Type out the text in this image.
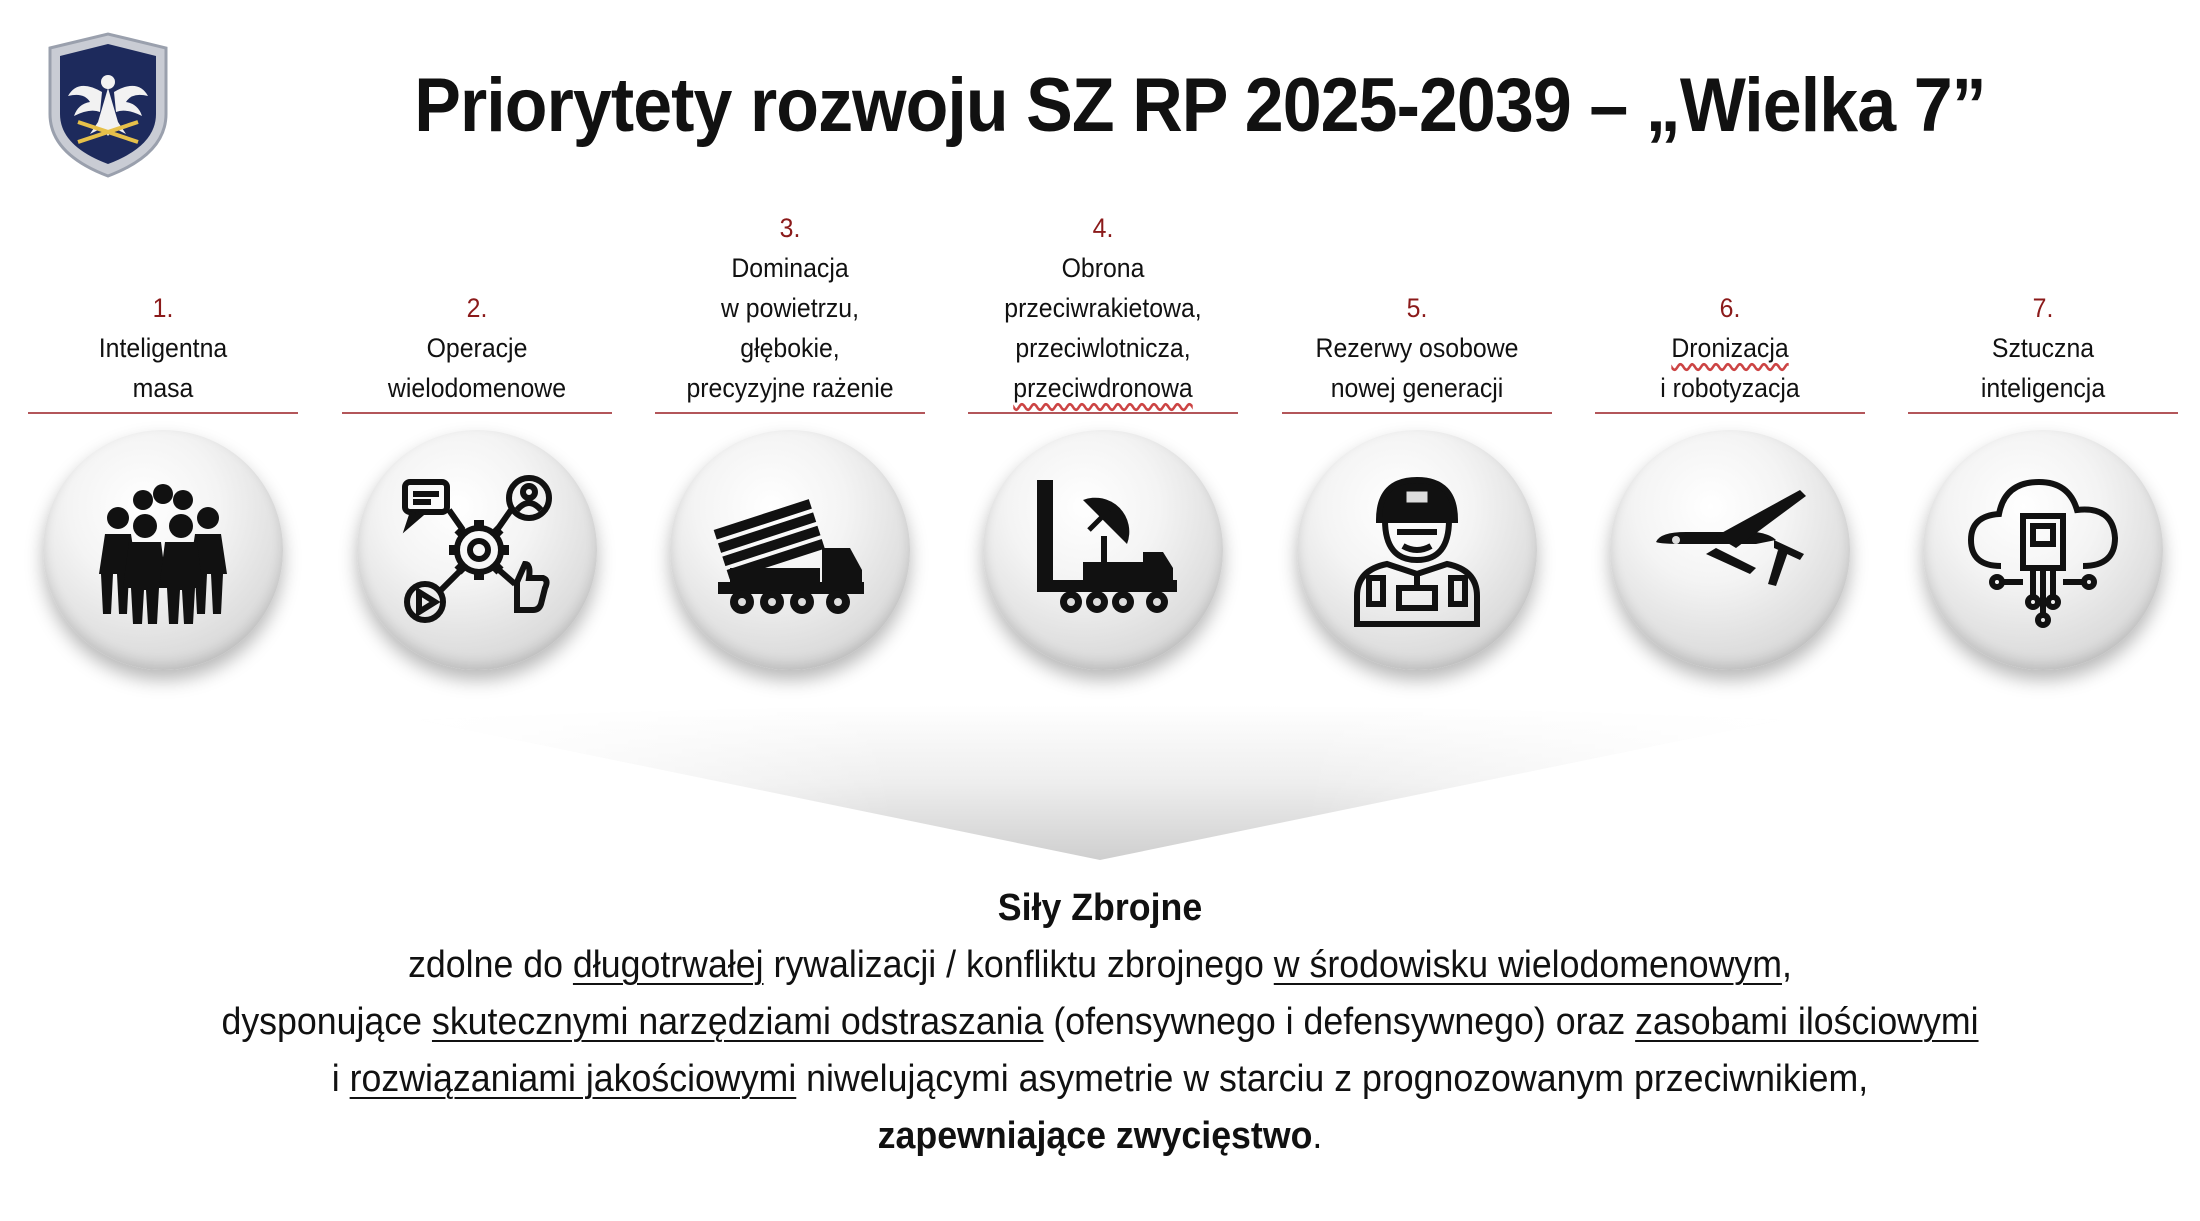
Priorytety rozwoju SZ RP 2025-2039 – „Wielka 7”
1.
Inteligentna
masa
2.
Operacje
wielodomenowe
3.
Dominacja
w powietrzu,
głębokie,
precyzyjne rażenie
4.
Obrona
przeciwrakietowa,
przeciwlotnicza,
przeciwdronowa
5.
Rezerwy osobowe
nowej generacji
6.
Dronizacja
i robotyzacja
7.
Sztuczna
inteligencja
Siły Zbrojne
zdolne do długotrwałej rywalizacji / konfliktu zbrojnego w środowisku wielodomenowym,
dysponujące skutecznymi narzędziami odstraszania (ofensywnego i defensywnego) oraz zasobami ilościowymi
i rozwiązaniami jakościowymi niwelującymi asymetrie w starciu z prognozowanym przeciwnikiem,
zapewniające zwycięstwo.
